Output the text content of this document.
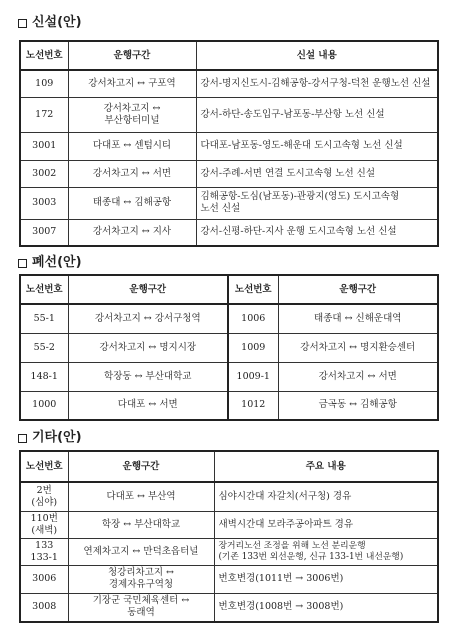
신설(안)
노선번호	운행구간	신설 내용
109	강서차고지 ↔ 구포역	강서-명지신도시-김해공항-강서구청-덕천 운행노선 신설
172	강서차고지 ↔
부산항터미널	강서-하단-송도입구-남포동-부산항 노선 신설
3001	다대포 ↔ 센텀시티	다대포-남포동-영도-해운대 도시고속형 노선 신설
3002	강서차고지 ↔ 서면	강서-주례-서면 연결 도시고속형 노선 신설
3003	태종대 ↔ 김해공항	김해공항-도심(남포동)-관광지(영도) 도시고속형
노선 신설
3007	강서차고지 ↔ 지사	강서-신평-하단-지사 운행 도시고속형 노선 신설
폐선(안)
노선번호	운행구간	노선번호	운행구간
55-1	강서차고지 ↔ 강서구청역	1006	태종대 ↔ 신해운대역
55-2	강서차고지 ↔ 명지시장	1009	강서차고지 ↔ 명지환승센터
148-1	학장동 ↔ 부산대학교	1009-1	강서차고지 ↔ 서면
1000	다대포 ↔ 서면	1012	금곡동 ↔ 김해공항
기타(안)
노선번호	운행구간	주요 내용
2번
(심야)	다대포 ↔ 부산역	심야시간대 자갈치(서구청) 경유
110번
(새벽)	학장 ↔ 부산대학교	새벽시간대 모라주공아파트 경유
133
133-1	연제차고지 ↔ 만덕초읍터널	장거리노선 조정을 위해 노선 분리운행
(기존 133번 외선운행, 신규 133-1번 내선운행)
3006	청강리차고지 ↔
경제자유구역청	번호변경(1011번 → 3006번)
3008	기장군 국민체육센터 ↔
동래역	번호변경(1008번 → 3008번)
